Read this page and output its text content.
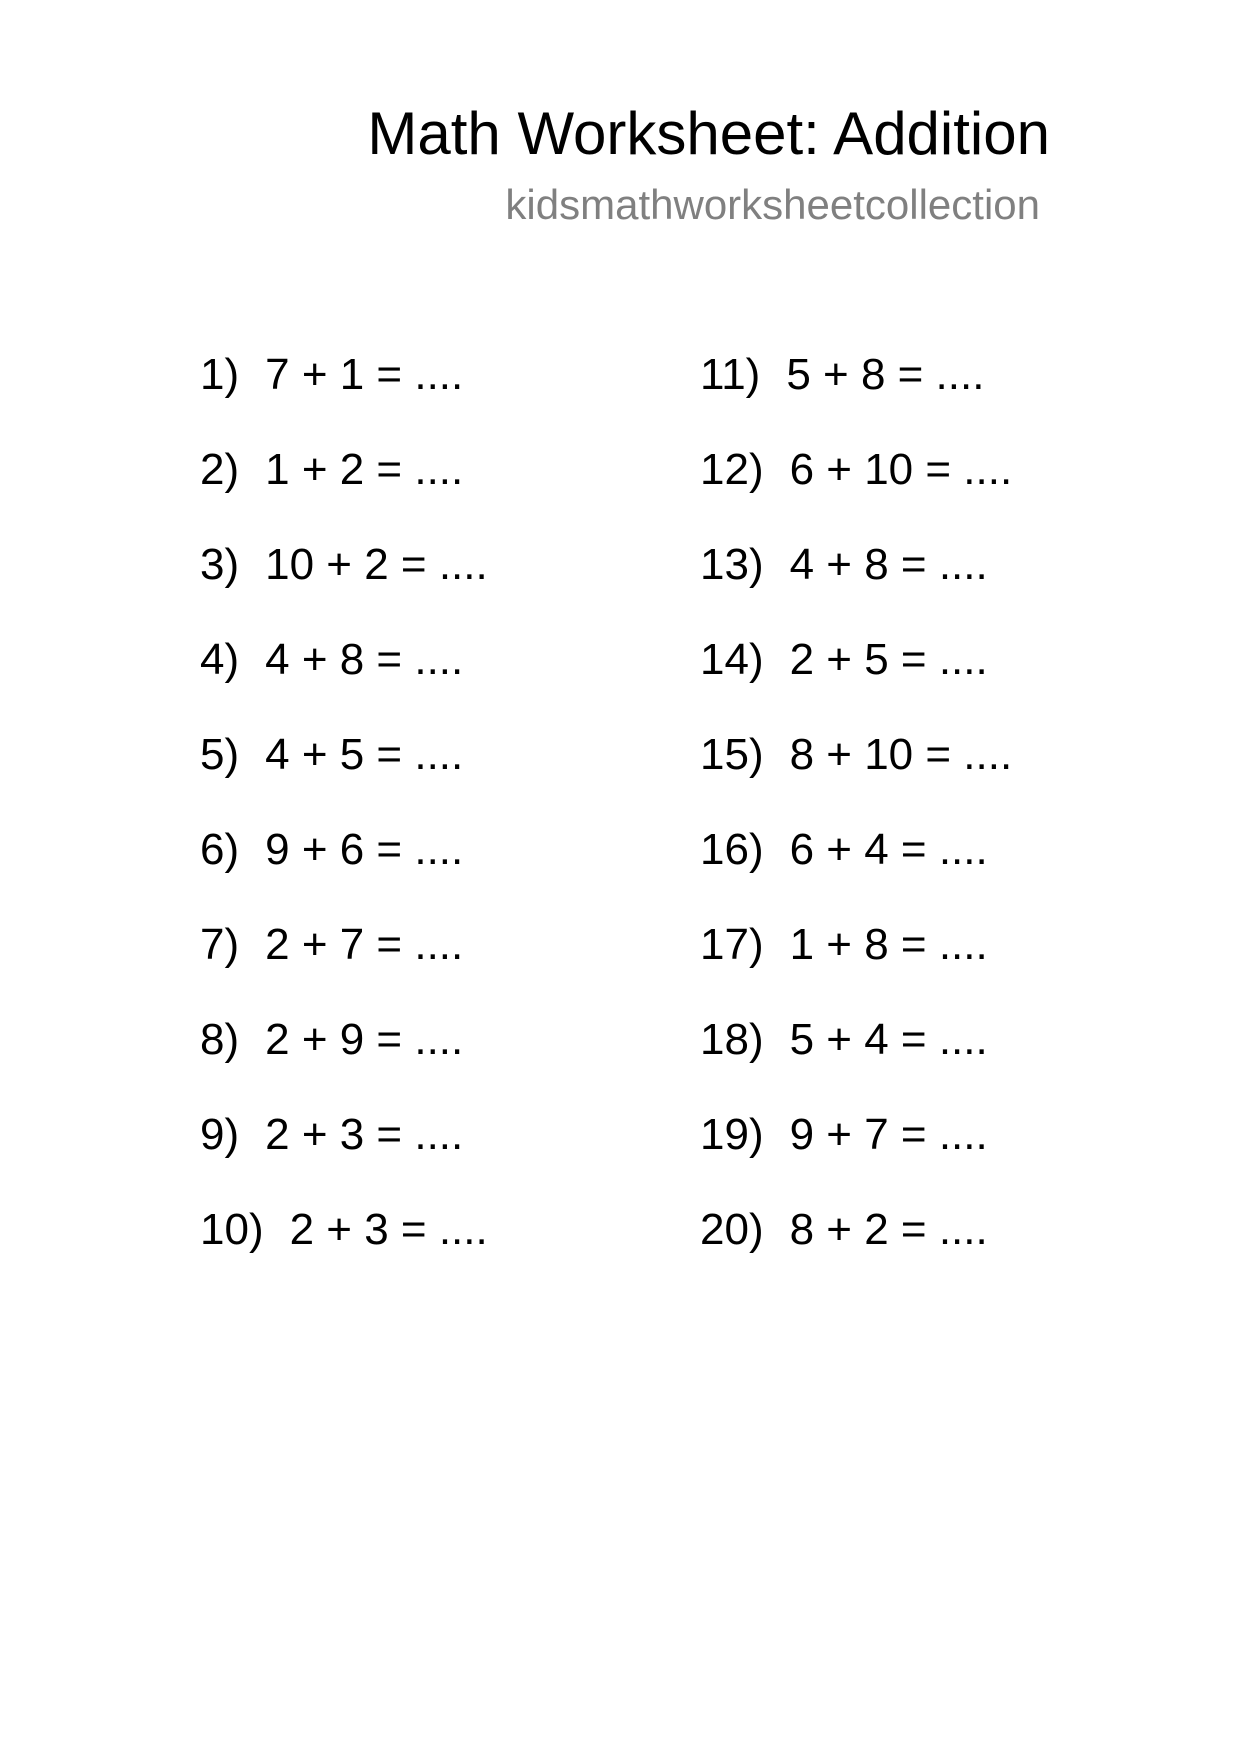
Math Worksheet: Addition
kidsmathworksheetcollection
1) 7 + 1 = ....
2) 1 + 2 = ....
3) 10 + 2 = ....
4) 4 + 8 = ....
5) 4 + 5 = ....
6) 9 + 6 = ....
7) 2 + 7 = ....
8) 2 + 9 = ....
9) 2 + 3 = ....
10) 2 + 3 = ....
11) 5 + 8 = ....
12) 6 + 10 = ....
13) 4 + 8 = ....
14) 2 + 5 = ....
15) 8 + 10 = ....
16) 6 + 4 = ....
17) 1 + 8 = ....
18) 5 + 4 = ....
19) 9 + 7 = ....
20) 8 + 2 = ....
